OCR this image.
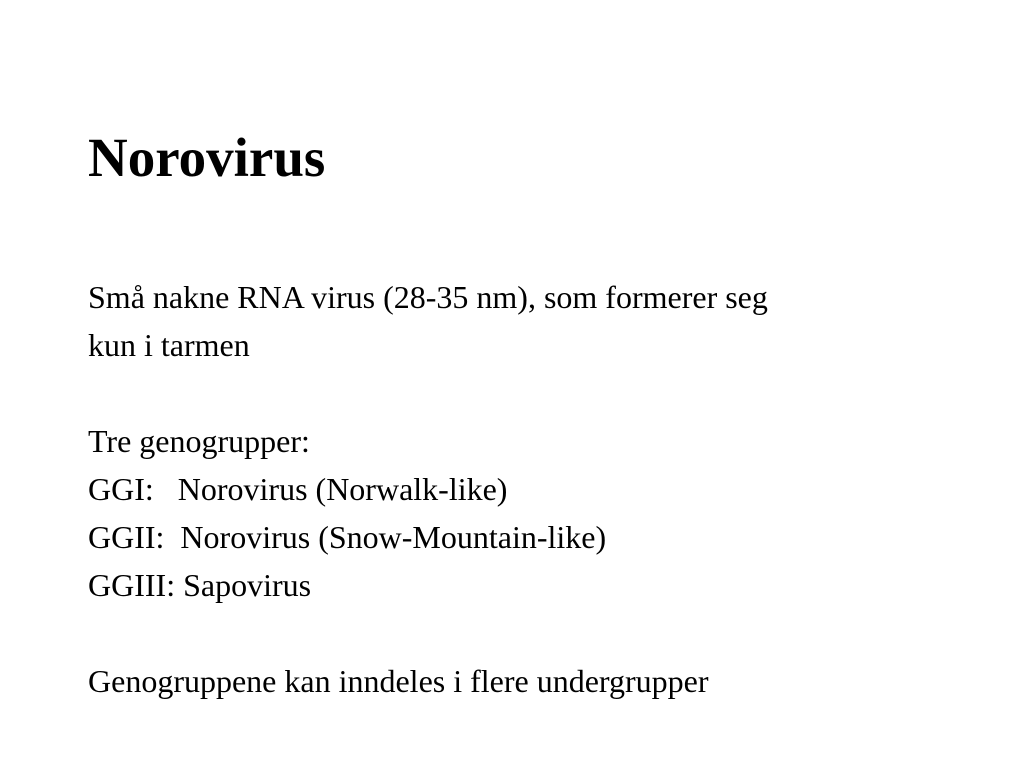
Norovirus
Små nakne RNA virus (28-35 nm), som formerer seg
kun i tarmen
Tre genogrupper:
GGI:   Norovirus (Norwalk-like)
GGII:  Norovirus (Snow-Mountain-like)
GGIII: Sapovirus
Genogruppene kan inndeles i flere undergrupper
